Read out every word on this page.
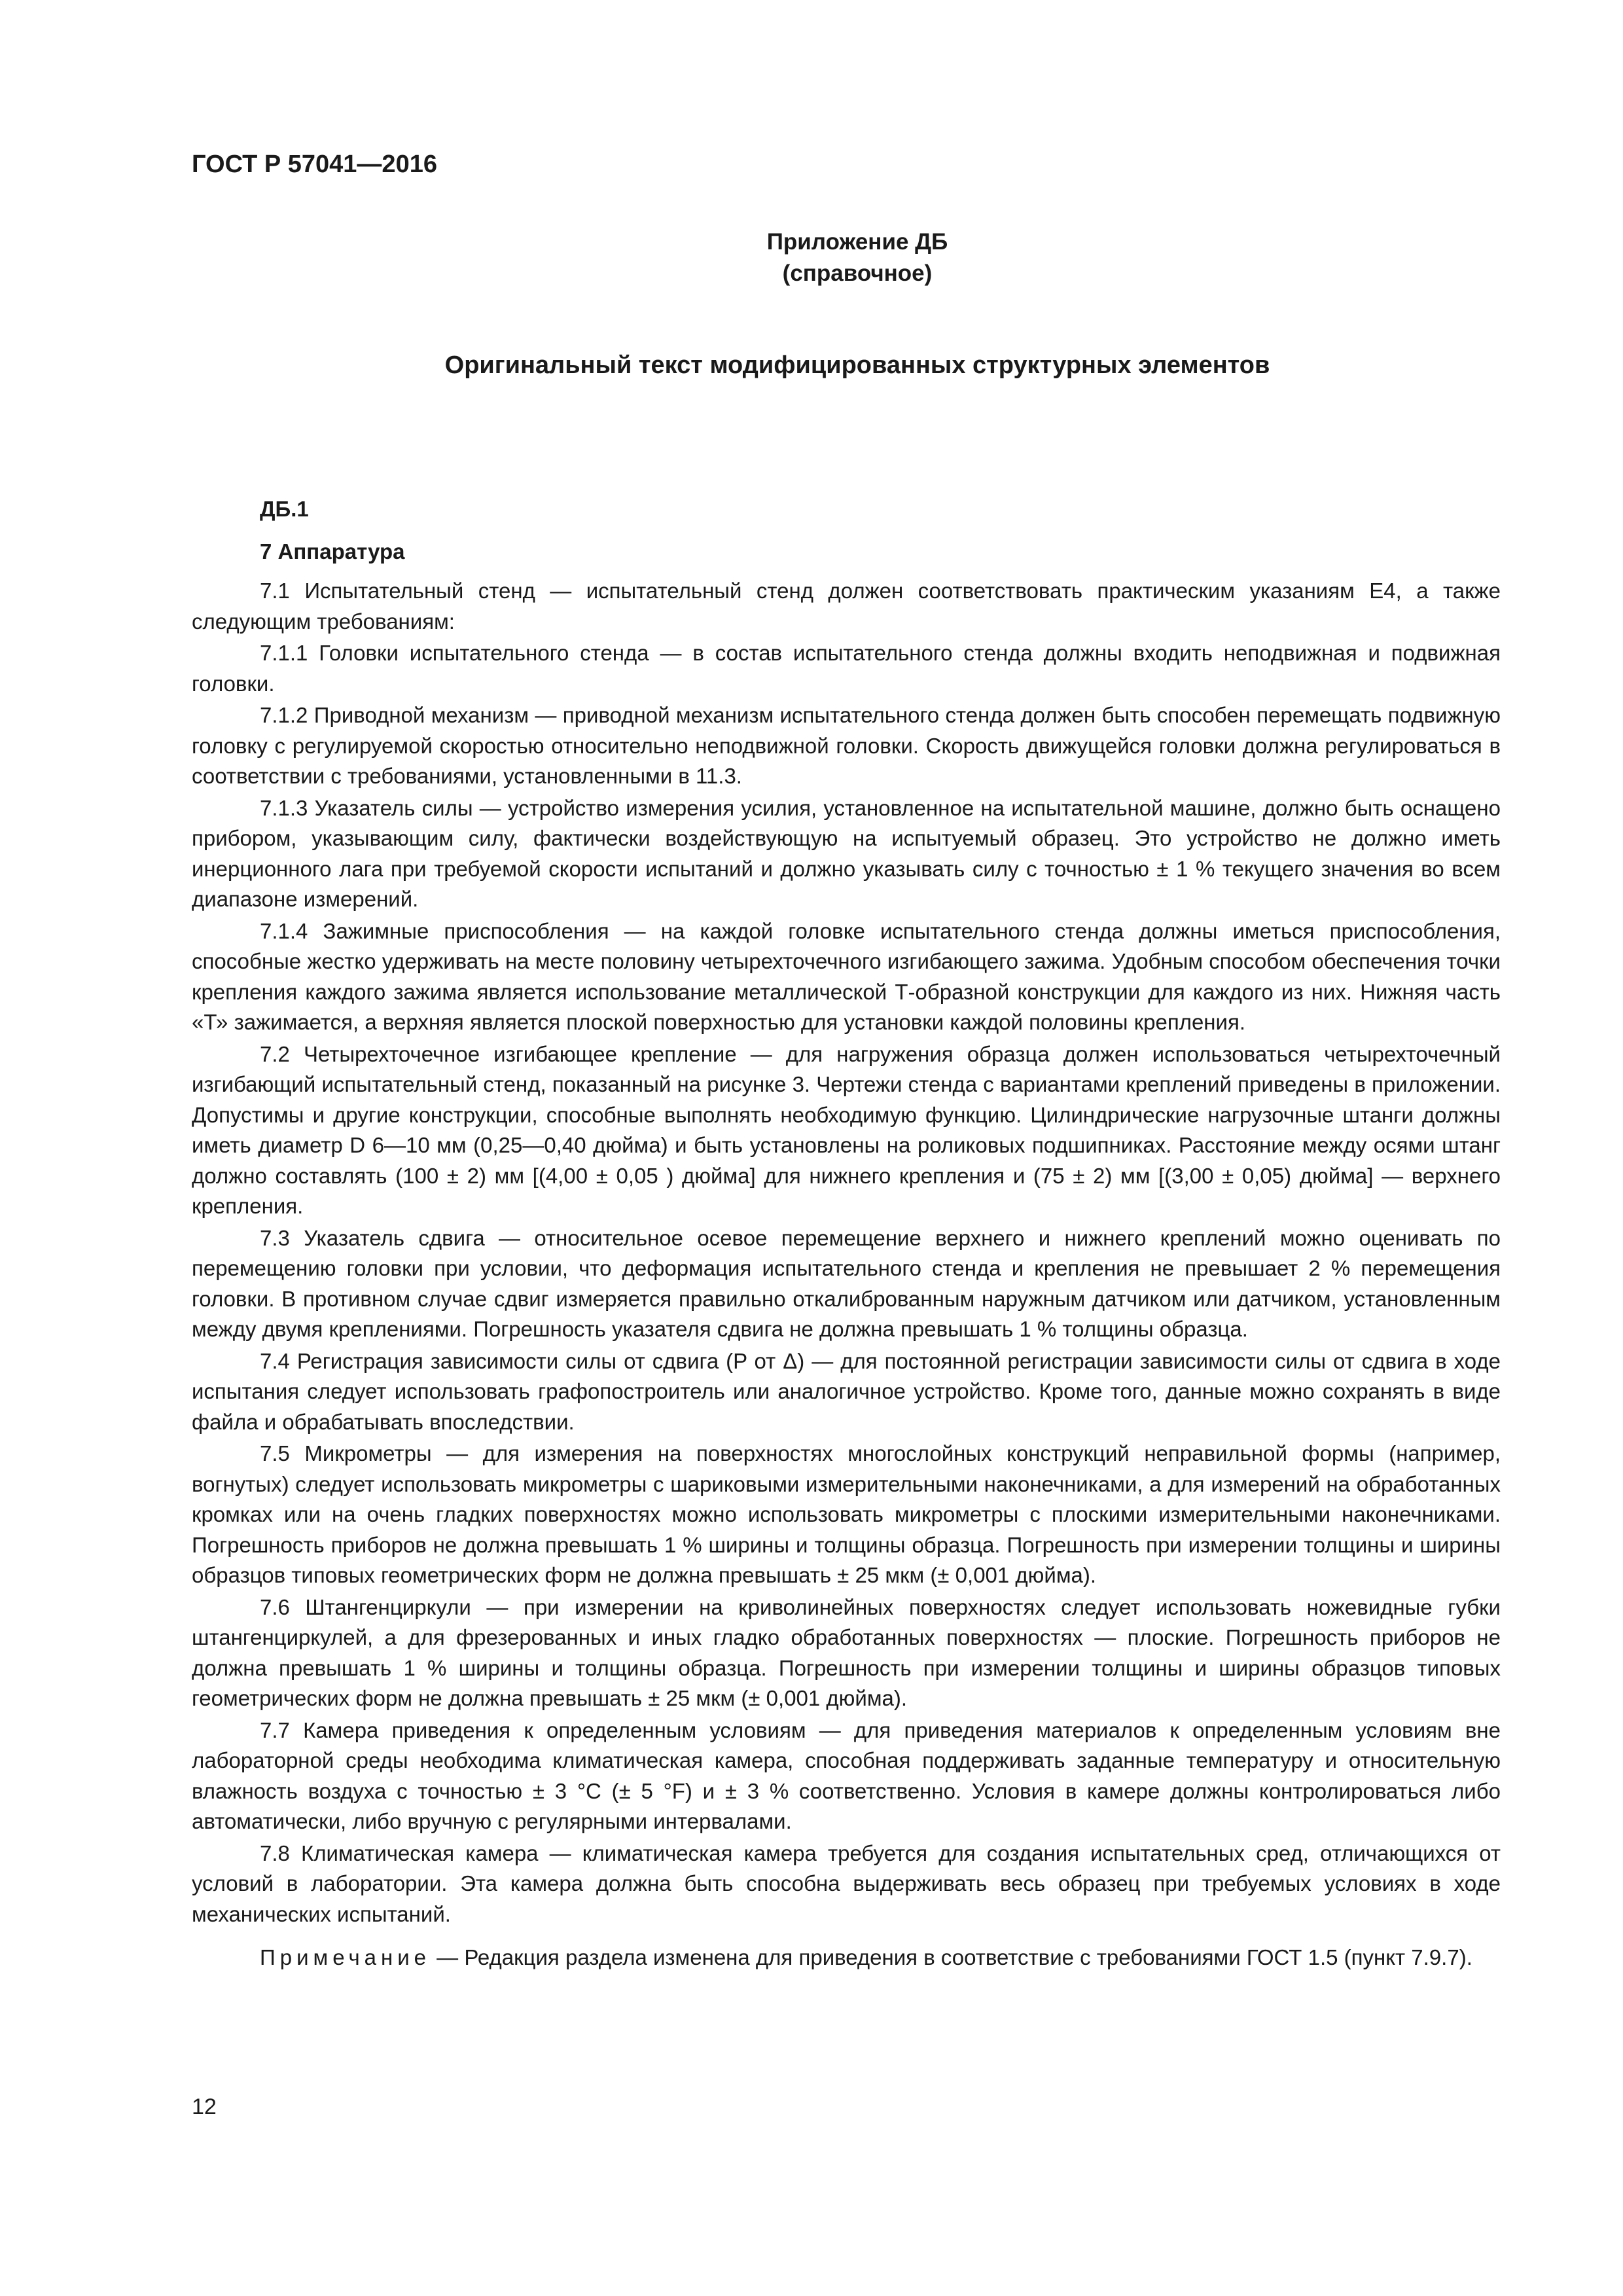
ГОСТ Р 57041—2016
Приложение ДБ
(справочное)
Оригинальный текст модифицированных структурных элементов

ДБ.1

7 Аппаратура

7.1 Испытательный стенд — испытательный стенд должен соответствовать практическим указаниям E4, а также следующим требованиям:

7.1.1 Головки испытательного стенда — в состав испытательного стенда должны входить неподвижная и подвижная головки.

7.1.2 Приводной механизм — приводной механизм испытательного стенда должен быть способен перемещать подвижную головку с регулируемой скоростью относительно неподвижной головки. Скорость движущейся головки должна регулироваться в соответствии с требованиями, установленными в 11.3.

7.1.3 Указатель силы — устройство измерения усилия, установленное на испытательной машине, должно быть оснащено прибором, указывающим силу, фактически воздействующую на испытуемый образец. Это устройство не должно иметь инерционного лага при требуемой скорости испытаний и должно указывать силу с точностью ± 1 % текущего значения во всем диапазоне измерений.

7.1.4 Зажимные приспособления — на каждой головке испытательного стенда должны иметься приспособления, способные жестко удерживать на месте половину четырехточечного изгибающего зажима. Удобным способом обеспечения точки крепления каждого зажима является использование металлической Т-образной конструкции для каждого из них. Нижняя часть «Т» зажимается, а верхняя является плоской поверхностью для установки каждой половины крепления.

7.2 Четырехточечное изгибающее крепление — для нагружения образца должен использоваться четырехточечный изгибающий испытательный стенд, показанный на рисунке 3. Чертежи стенда с вариантами креплений приведены в приложении. Допустимы и другие конструкции, способные выполнять необходимую функцию. Цилиндрические нагрузочные штанги должны иметь диаметр D 6—10 мм (0,25—0,40 дюйма) и быть установлены на роликовых подшипниках. Расстояние между осями штанг должно составлять (100 ± 2) мм [(4,00 ± 0,05 ) дюйма] для нижнего крепления и (75 ± 2) мм [(3,00 ± 0,05) дюйма] — верхнего крепления.

7.3 Указатель сдвига — относительное осевое перемещение верхнего и нижнего креплений можно оценивать по перемещению головки при условии, что деформация испытательного стенда и крепления не превышает 2 % перемещения головки. В противном случае сдвиг измеряется правильно откалиброванным наружным датчиком или датчиком, установленным между двумя креплениями. Погрешность указателя сдвига не должна превышать 1 % толщины образца.

7.4 Регистрация зависимости силы от сдвига (P от Δ) — для постоянной регистрации зависимости силы от сдвига в ходе испытания следует использовать графопостроитель или аналогичное устройство. Кроме того, данные можно сохранять в виде файла и обрабатывать впоследствии.

7.5 Микрометры — для измерения на поверхностях многослойных конструкций неправильной формы (например, вогнутых) следует использовать микрометры с шариковыми измерительными наконечниками, а для измерений на обработанных кромках или на очень гладких поверхностях можно использовать микрометры с плоскими измерительными наконечниками. Погрешность приборов не должна превышать 1 % ширины и толщины образца. Погрешность при измерении толщины и ширины образцов типовых геометрических форм не должна превышать ± 25 мкм (± 0,001 дюйма).

7.6 Штангенциркули — при измерении на криволинейных поверхностях следует использовать ножевидные губки штангенциркулей, а для фрезерованных и иных гладко обработанных поверхностях — плоские. Погрешность приборов не должна превышать 1 % ширины и толщины образца. Погрешность при измерении толщины и ширины образцов типовых геометрических форм не должна превышать ± 25 мкм (± 0,001 дюйма).

7.7 Камера приведения к определенным условиям — для приведения материалов к определенным условиям вне лабораторной среды необходима климатическая камера, способная поддерживать заданные температуру и относительную влажность воздуха с точностью ± 3 °С (± 5 °F) и ± 3 % соответственно. Условия в камере должны контролироваться либо автоматически, либо вручную с регулярными интервалами.

7.8 Климатическая камера — климатическая камера требуется для создания испытательных сред, отличающихся от условий в лаборатории. Эта камера должна быть способна выдерживать весь образец при требуемых условиях в ходе механических испытаний.

Примечание — Редакция раздела изменена для приведения в соответствие с требованиями ГОСТ 1.5 (пункт 7.9.7).

12
